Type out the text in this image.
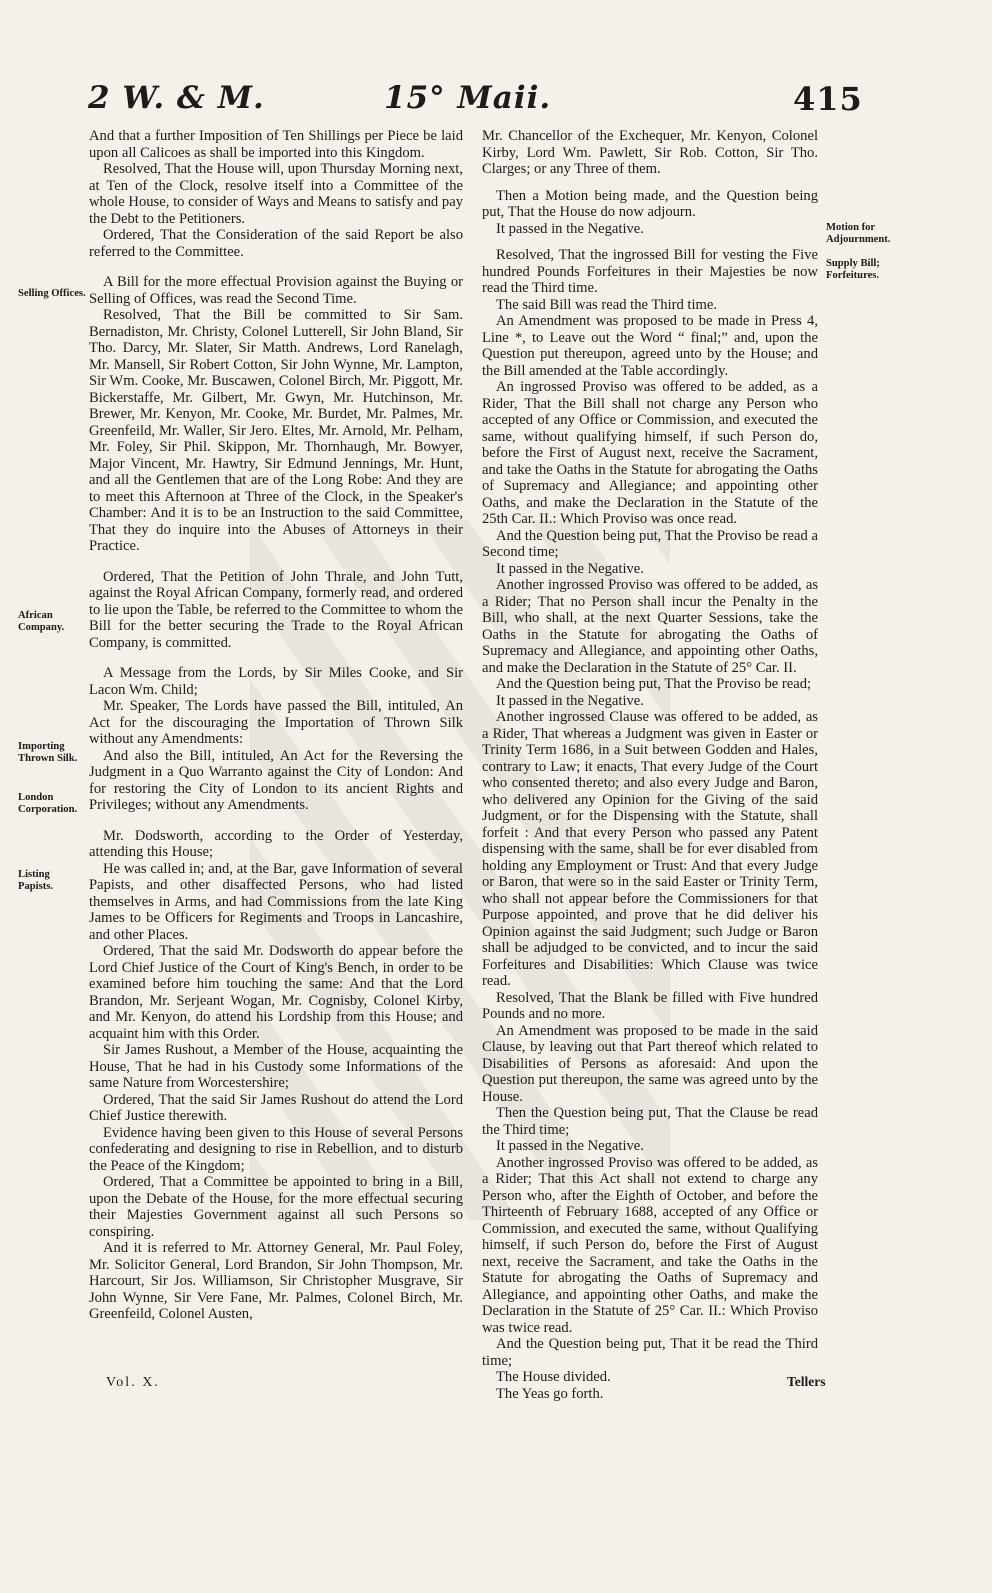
2 W. & M.	15° Maii.	415
Selling Offices.
African Company.
Importing Thrown Silk.
London Corporation.
Listing Papists.
Motion for Adjournment.
Supply Bill; Forfeitures.

And that a further Imposition of Ten Shillings per Piece be laid upon all Calicoes as shall be imported into this Kingdom.

Resolved, That the House will, upon Thursday Morning next, at Ten of the Clock, resolve itself into a Committee of the whole House, to consider of Ways and Means to satisfy and pay the Debt to the Petitioners.

Ordered, That the Consideration of the said Report be also referred to the Committee.

A Bill for the more effectual Provision against the Buying or Selling of Offices, was read the Second Time.

Resolved, That the Bill be committed to Sir Sam. Bernadiston, Mr. Christy, Colonel Lutterell, Sir John Bland, Sir Tho. Darcy, Mr. Slater, Sir Matth. Andrews, Lord Ranelagh, Mr. Mansell, Sir Robert Cotton, Sir John Wynne, Mr. Lampton, Sir Wm. Cooke, Mr. Buscawen, Colonel Birch, Mr. Piggott, Mr. Bickerstaffe, Mr. Gilbert, Mr. Gwyn, Mr. Hutchinson, Mr. Brewer, Mr. Kenyon, Mr. Cooke, Mr. Burdet, Mr. Palmes, Mr. Greenfeild, Mr. Waller, Sir Jero. Eltes, Mr. Arnold, Mr. Pelham, Mr. Foley, Sir Phil. Skippon, Mr. Thornhaugh, Mr. Bowyer, Major Vincent, Mr. Hawtry, Sir Edmund Jennings, Mr. Hunt, and all the Gentlemen that are of the Long Robe: And they are to meet this Afternoon at Three of the Clock, in the Speaker's Chamber: And it is to be an Instruction to the said Committee, That they do inquire into the Abuses of Attorneys in their Practice.

Ordered, That the Petition of John Thrale, and John Tutt, against the Royal African Company, formerly read, and ordered to lie upon the Table, be referred to the Committee to whom the Bill for the better securing the Trade to the Royal African Company, is committed.

A Message from the Lords, by Sir Miles Cooke, and Sir Lacon Wm. Child;

Mr. Speaker, The Lords have passed the Bill, intituled, An Act for the discouraging the Importation of Thrown Silk without any Amendments:

And also the Bill, intituled, An Act for the Reversing the Judgment in a Quo Warranto against the City of London: And for restoring the City of London to its ancient Rights and Privileges; without any Amendments.

Mr. Dodsworth, according to the Order of Yesterday, attending this House;

He was called in; and, at the Bar, gave Information of several Papists, and other disaffected Persons, who had listed themselves in Arms, and had Commissions from the late King James to be Officers for Regiments and Troops in Lancashire, and other Places.

Ordered, That the said Mr. Dodsworth do appear before the Lord Chief Justice of the Court of King's Bench, in order to be examined before him touching the same: And that the Lord Brandon, Mr. Serjeant Wogan, Mr. Cognisby, Colonel Kirby, and Mr. Kenyon, do attend his Lordship from this House; and acquaint him with this Order.

Sir James Rushout, a Member of the House, acquainting the House, That he had in his Custody some Informations of the same Nature from Worcestershire;

Ordered, That the said Sir James Rushout do attend the Lord Chief Justice therewith.

Evidence having been given to this House of several Persons confederating and designing to rise in Rebellion, and to disturb the Peace of the Kingdom;

Ordered, That a Committee be appointed to bring in a Bill, upon the Debate of the House, for the more effectual securing their Majesties Government against all such Persons so conspiring.

And it is referred to Mr. Attorney General, Mr. Paul Foley, Mr. Solicitor General, Lord Brandon, Sir John Thompson, Mr. Harcourt, Sir Jos. Williamson, Sir Christopher Musgrave, Sir John Wynne, Sir Vere Fane, Mr. Palmes, Colonel Birch, Mr. Greenfeild, Colonel Austen,

Mr. Chancellor of the Exchequer, Mr. Kenyon, Colonel Kirby, Lord Wm. Pawlett, Sir Rob. Cotton, Sir Tho. Clarges; or any Three of them.

Then a Motion being made, and the Question being put, That the House do now adjourn.

It passed in the Negative.

Resolved, That the ingrossed Bill for vesting the Five hundred Pounds Forfeitures in their Majesties be now read the Third time.

The said Bill was read the Third time.

An Amendment was proposed to be made in Press 4, Line *, to Leave out the Word “ final;” and, upon the Question put thereupon, agreed unto by the House; and the Bill amended at the Table accordingly.

An ingrossed Proviso was offered to be added, as a Rider, That the Bill shall not charge any Person who accepted of any Office or Commission, and executed the same, without qualifying himself, if such Person do, before the First of August next, receive the Sacrament, and take the Oaths in the Statute for abrogating the Oaths of Supremacy and Allegiance; and appointing other Oaths, and make the Declaration in the Statute of the 25th Car. II.: Which Proviso was once read.

And the Question being put, That the Proviso be read a Second time;

It passed in the Negative.

Another ingrossed Proviso was offered to be added, as a Rider; That no Person shall incur the Penalty in the Bill, who shall, at the next Quarter Sessions, take the Oaths in the Statute for abrogating the Oaths of Supremacy and Allegiance, and appointing other Oaths, and make the Declaration in the Statute of 25° Car. II.

And the Question being put, That the Proviso be read;

It passed in the Negative.

Another ingrossed Clause was offered to be added, as a Rider, That whereas a Judgment was given in Easter or Trinity Term 1686, in a Suit between Godden and Hales, contrary to Law; it enacts, That every Judge of the Court who consented thereto; and also every Judge and Baron, who delivered any Opinion for the Giving of the said Judgment, or for the Dispensing with the Statute, shall forfeit : And that every Person who passed any Patent dispensing with the same, shall be for ever disabled from holding any Employment or Trust: And that every Judge or Baron, that were so in the said Easter or Trinity Term, who shall not appear before the Commissioners for that Purpose appointed, and prove that he did deliver his Opinion against the said Judgment; such Judge or Baron shall be adjudged to be convicted, and to incur the said Forfeitures and Disabilities: Which Clause was twice read.

Resolved, That the Blank be filled with Five hundred Pounds and no more.

An Amendment was proposed to be made in the said Clause, by leaving out that Part thereof which related to Disabilities of Persons as aforesaid: And upon the Question put thereupon, the same was agreed unto by the House.

Then the Question being put, That the Clause be read the Third time;

It passed in the Negative.

Another ingrossed Proviso was offered to be added, as a Rider; That this Act shall not extend to charge any Person who, after the Eighth of October, and before the Thirteenth of February 1688, accepted of any Office or Commission, and executed the same, without Qualifying himself, if such Person do, before the First of August next, receive the Sacrament, and take the Oaths in the Statute for abrogating the Oaths of Supremacy and Allegiance, and appointing other Oaths, and make the Declaration in the Statute of 25° Car. II.: Which Proviso was twice read.

And the Question being put, That it be read the Third time;

The House divided.

The Yeas go forth.

Vol. X.	Tellers
